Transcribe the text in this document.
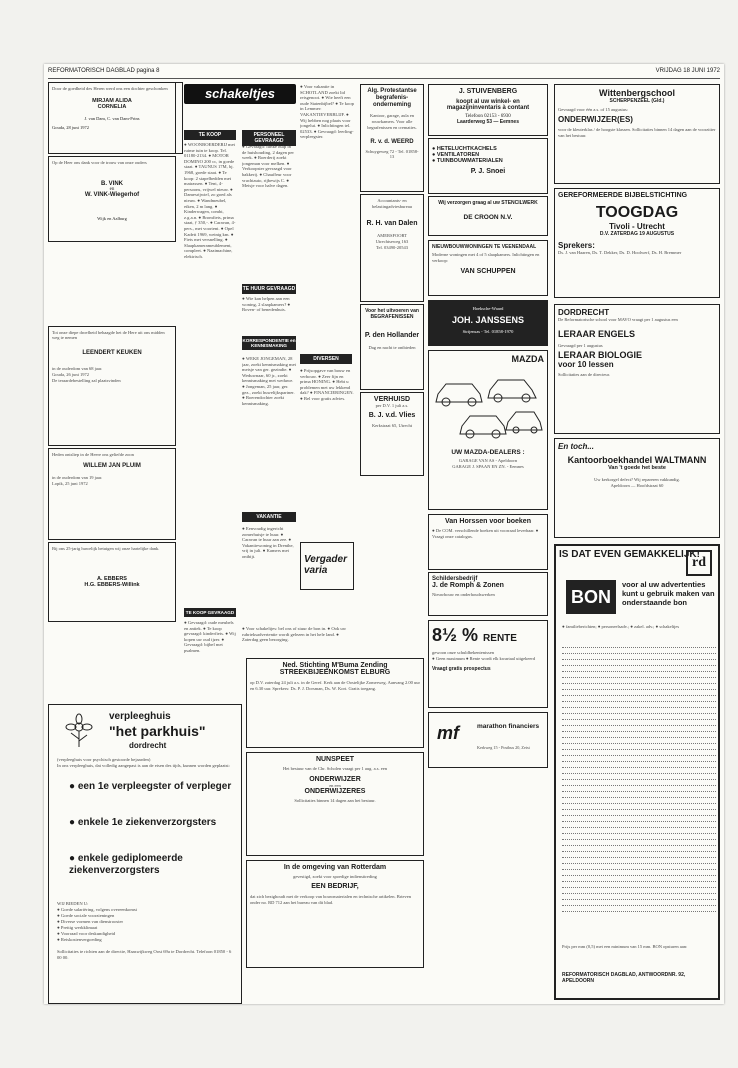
REFORMATORISCH DAGBLAD pagina 8	VRIJDAG 18 JUNI 1972
Door de goedheid des Heren werd ons een dochter geschonken
MIRJAM ALIDA
CORNELIA
J. van Dam, C. van Dam-Prins
Gouda, 28 juni 1972
Op de Heer ons dank voor de trouw van onze ouders
B. VINK
en
W. VINK-Wiegerhof
Wijk en Aalburg
Tot onze diepe droefheid behaagde het de Here uit ons midden weg te nemen
LEENDERT KEUKEN
in de ouderdom van 68 jaar.
Gouda, 26 juni 1972
De teraardebestelling zal plaatsvinden
Heden ontsliep in de Heere ons geliefde zoon
WILLEM JAN PLUIM
in de ouderdom van 19 jaar.
Lopik, 25 juni 1972
Bij ons 25-jarig huwelijk betuigen wij onze hartelijke dank.
A. EBBERS
H.G. EBBERS-Willink
schakeltjes
TE KOOP	PERSONEEL GEVRAAGD
TE HUUR GEVRAAGD
KORRESPONDENTIE en KENNISMAKING
VAKANTIE
TE KOOP GEVRAAGD
DIVERSEN
Vergader varia
● WOONBOERDERIJ met ruime tuin te koop. Tel. 01180-2134. ● MOTOR DOMINO 200 cc, in goede staat. ● TAUNUS 17M, bj. 1968, goede staat. ● Te koop: 2 stapelbedden met matrassen. ● Tent, 4-persoons, vrijwel nieuw. ● Damesrijwiel, zo goed als nieuw. ● Wandmeubel, eiken, 2 m lang. ● Kinderwagen, combi, z.g.a.n. ● Bromfiets, prima staat, ƒ 350,-. ● Caravan, 4-pers., met voortent. ● Opel Kadett 1969, weinig km. ● Fiets met versnelling. ● Slaapkamerameublement, compleet. ● Naaimachine, elektrisch.
● Gevraagd: flinke hulp in de huishouding, 2 dagen per week. ● Boerderij zoekt jongeman voor melken. ● Verkoopster gevraagd voor bakkerij. ● Chauffeur voor vrachtauto, rijbewijs C. ● Meisje voor halve dagen.
● Wie kan helpen aan een woning, 2 slaapkamers? ● Boven- of benedenhuis.
● WEKE JONGEMAN, 28 jaar, zoekt kennismaking met meisje van ger. gezindte. ● Weduwnaar, 60 jr., zoekt kennismaking met weduwe. ● Jongeman, 25 jaar, ger. gez., zoekt huwelijkspartner. ● Boerendochter zoekt kennismaking.
● Eenvoudig ingericht zomerhuisje te huur. ● Caravan te huur aan zee. ● Vakantiewoning in Drenthe, vrij in juli. ● Kamers met ontbijt.
● Gevraagd: oude meubels en antiek. ● Te koop gevraagd: kinderfiets. ● Wij kopen uw oud ijzer. ● Gevraagd: bijbel met psalmen.
● Voor vakantie in SCHOTLAND zoekt lid reisgenoot. ● Wie heeft een oude Statenbijbel? ● Te koop in Lemmer: VAKANTIEVERBLIJF. ● Wij hebben nog plaats voor jongelui. ● Inlichtingen tel. 02533. ● Gevraagd: leerling-verpleegster.
● Prijsopgave van bouw en verbouw. ● Zeer fijn en prima HONING. ● Hebt u problemen met uw lekkend dak? ● FINANCIERINGEN. ● Bel voor gratis advies.
● Voor schakeltjes: bel ons of stuur de bon in. ● Ook uw rubrieksadvertentie wordt gelezen in het hele land. ● Zaterdag geen bezorging.
Alg. Protestantse begrafenis-onderneming
Kantoor, garage, aula en rouwkamers. Voor alle begrafenissen en crematies.
R. v. d. WEERD
Schuygeweg 72 - Tel. 01858-13
J. STUIVENBERG
koopt al uw winkel- en
magazijninventaris à contant
Telefoon 02153 - 6930
Laarderweg 53 — Eemnes
● HETELUCHTKACHELS
● VENTILATOREN
● TUINBOUWMATERIALEN
P. J. Snoei
Accountants- en belastingadviesbureau
R. H. van Dalen
AMERSFOORT
Utrechtseweg 163
Tel. 03490-20543
Wij verzorgen graag al uw STENCILWERK
DE CROON N.V.
Voor het uitvoeren van BEGRAFENISSEN
P. den Hollander
Dag en nacht te ontbieden
NIEUWBOUWWONINGEN TE VEENENDAAL
Moderne woningen met 4 of 5 slaapkamers. Inlichtingen en verkoop:
VAN SCHUPPEN
VERHUISD
per D.V. 1 juli a.s.
B. J. v.d. Vlies
Kerkstraat 65, Utrecht
Hoeksche-Waard
JOH. JANSSENS
Strijensas - Tel. 01858-1970
MAZDA
UW MAZDA-DEALERS :
GARAGE VAN AS - Apeldoorn
GARAGE J. SPAAN EN ZN. - Eemnes
Van Horssen voor boeken
● De COM. verschillende boeken uit voorraad leverbaar. ● Vraagt onze catalogus.
Schildersbedrijf
J. de Romph & Zonen
Nieuwbouw en onderhoudswerken
8½ % RENTE
gewoon onze schuldbekentenissen
● Geen maximum ● Rente wordt elk kwartaal uitgekeerd
Vraagt gratis prospectus
mf	marathon financiers
Kerkweg 15 - Postbus 20, Zeist
Ned. Stichting M'Buma Zending
STREEKBIJEENKOMST ELBURG
op D.V. zaterdag 24 juli a.s. in de Geref. Kerk aan de Oostelijke Zomerweg. Aanvang 2.00 uur en 6.30 uur. Sprekers: Ds. P. J. Dorsman, Ds. W. Kort. Gratis toegang.
NUNSPEET
Het bestuur van de Chr. Scholen vraagt per 1 aug. a.s. een
ONDERWIJZER
en een
ONDERWIJZERES
Sollicitaties binnen 14 dagen aan het bestuur.
In de omgeving van Rotterdam
gevestigd, zoekt voor spoedige indiensttreding
EEN BEDRIJF,
dat zich bezighoudt met de verkoop van bouwmaterialen en technische artikelen. Brieven onder no. RD 712 aan het bureau van dit blad.
verpleeghuis
"het parkhuis"
dordrecht
(verpleeghuis voor psychisch gestoorde bejaarden)
In ons verpleeghuis, dat volledig aangepast is aan de eisen des tijds, kunnen worden geplaatst:
● een 1e verpleegster of verpleger
● enkele 1e ziekenverzorgsters
● enkele gediplomeerde ziekenverzorgsters
WIJ BIEDEN U:
● Goede salariëring, volgens overeenkomst
● Goede sociale voorzieningen
● Diverse vormen van dienstrooster
● Prettig werkklimaat
● Voorraad voor deskundigheid
● Reiskostenvergoeding

Sollicitaties te richten aan de directie, Haaswijkweg Oost 69a te Dordrecht. Telefoon 01850 - 6 00 00.
Wittenbergschool
SCHERPENZEEL (Gld.)
Gevraagd voor één a.s. of 15 augustus:
ONDERWIJZER(ES)
voor de kleuterklas / de hoogste klassen. Sollicitaties binnen 14 dagen aan de voorzitter van het bestuur.
GEREFORMEERDE BIJBELSTICHTING
TOOGDAG
Tivoli - Utrecht
D.V. ZATERDAG 19 AUGUSTUS
Sprekers:
Ds. J. van Haaren, Ds. T. Dekker, Ds. D. Hoolwerf, Ds. H. Bremmer
DORDRECHT
De Reformatorische school voor MAVO vraagt per 1 augustus een
LERAAR ENGELS
Gevraagd per 1 augustus
LERAAR BIOLOGIE
voor 10 lessen
Sollicitaties aan de directeur.
En toch...
Kantoorboekhandel WALTMANN
Van 't goede het beste
Uw kerkorgel defect? Wij repareren vakkundig.
Apeldoorn — Hoofdstraat 60
IS DAT EVEN GEMAKKELIJK!
rd
BON
voor al uw advertenties kunt u gebruik maken van onderstaande bon
● familieberichten; ● personeelsadv.; ● zakel. adv.; ● schakeltjes
Prijs per mm (0,5) met een minimum van 15 mm. BON opsturen aan:
REFORMATORISCH DAGBLAD, ANTWOORDNR. 92, APELDOORN
